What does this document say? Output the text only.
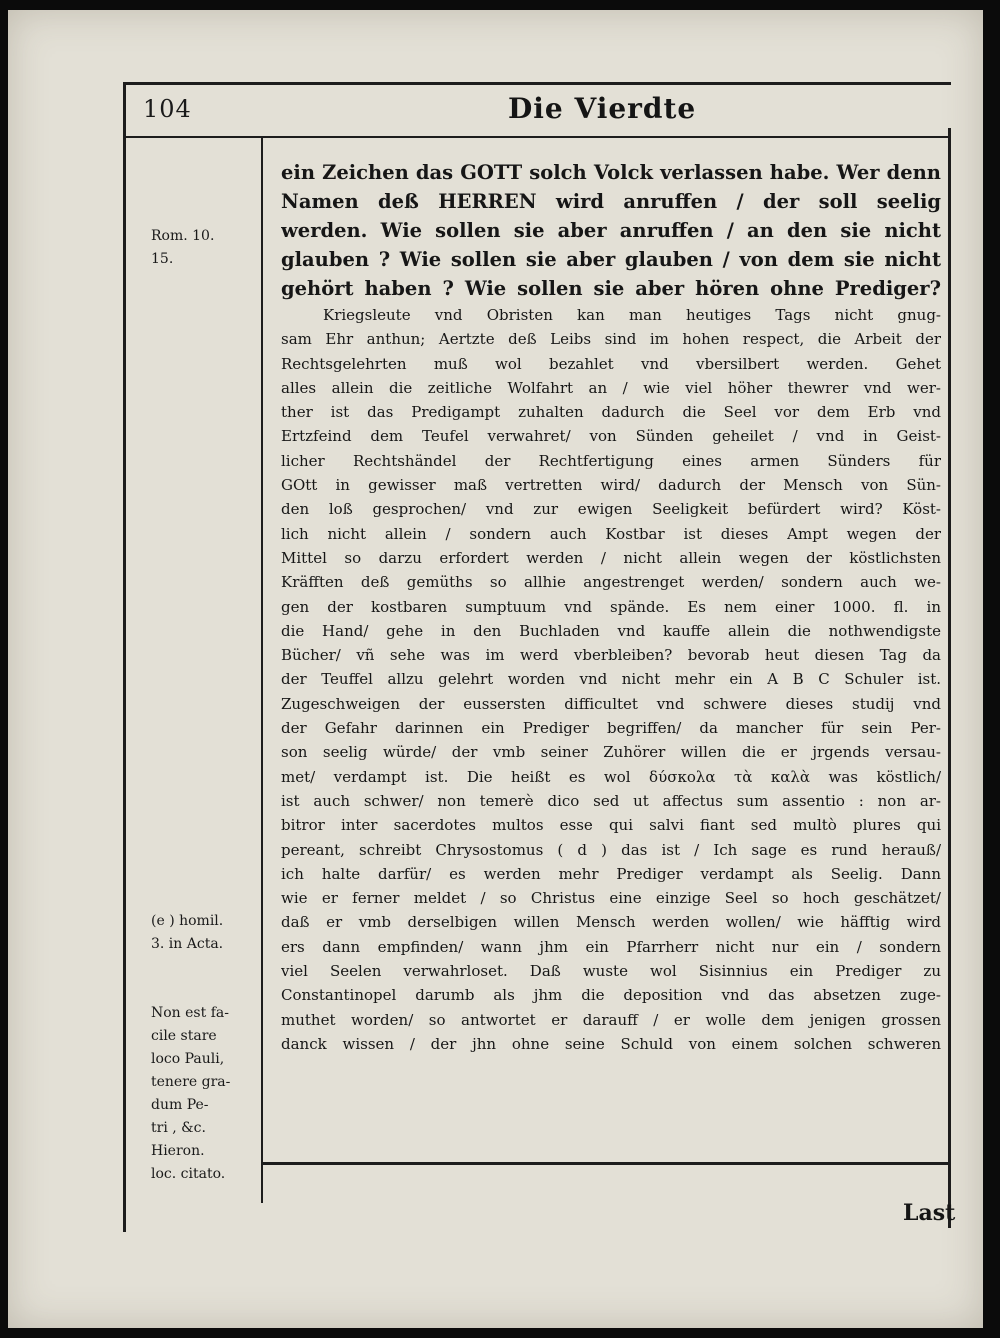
104	Die Vierdte

Rom. 10.
15.

(e ) homil.
3. in Acta.

Non est fa-
cile stare
loco Pauli,
tenere gra-
dum Pe-
tri , &c.
Hieron.
loc. citato.

ein Zeichen das GOTT solch Volck verlassen habe. Wer denn
Namen deß HERREN wird anruffen / der soll seelig
werden. Wie sollen sie aber anruffen / an den sie nicht
glauben ? Wie sollen sie aber glauben / von dem sie nicht
gehört haben ? Wie sollen sie aber hören ohne Prediger?
Kriegsleute vnd Obristen kan man heutiges Tags nicht gnug-
sam Ehr anthun; Aertzte deß Leibs sind im hohen respect, die Arbeit der
Rechtsgelehrten muß wol bezahlet vnd vbersilbert werden. Gehet
alles allein die zeitliche Wolfahrt an / wie viel höher thewrer vnd wer-
ther ist das Predigampt zuhalten dadurch die Seel vor dem Erb vnd
Ertzfeind dem Teufel verwahret/ von Sünden geheilet / vnd in Geist-
licher Rechtshändel der Rechtfertigung eines armen Sünders für
GOtt in gewisser maß vertretten wird/ dadurch der Mensch von Sün-
den loß gesprochen/ vnd zur ewigen Seeligkeit befürdert wird? Köst-
lich nicht allein / sondern auch Kostbar ist dieses Ampt wegen der
Mittel so darzu erfordert werden / nicht allein wegen der köstlichsten
Kräfften deß gemüths so allhie angestrenget werden/ sondern auch we-
gen der kostbaren sumptuum vnd spände. Es nem einer 1000. fl. in
die Hand/ gehe in den Buchladen vnd kauffe allein die nothwendigste
Bücher/ vñ sehe was im werd vberbleiben? bevorab heut diesen Tag da
der Teuffel allzu gelehrt worden vnd nicht mehr ein A B C Schuler ist.
Zugeschweigen der eussersten difficultet vnd schwere dieses studij vnd
der Gefahr darinnen ein Prediger begriffen/ da mancher für sein Per-
son seelig würde/ der vmb seiner Zuhörer willen die er jrgends versau-
met/ verdampt ist. Die heißt es wol δύσκολα τὰ καλὰ was köstlich/
ist auch schwer/ non temerè dico sed ut affectus sum assentio : non ar-
bitror inter sacerdotes multos esse qui salvi fiant sed multò plures qui
pereant, schreibt Chrysostomus ( d ) das ist / Ich sage es rund herauß/
ich halte darfür/ es werden mehr Prediger verdampt als Seelig. Dann
wie er ferner meldet / so Christus eine einzige Seel so hoch geschätzet/
daß er vmb derselbigen willen Mensch werden wollen/ wie häfftig wird
ers dann empfinden/ wann jhm ein Pfarrherr nicht nur ein / sondern
viel Seelen verwahrloset. Daß wuste wol Sisinnius ein Prediger zu
Constantinopel darumb als jhm die deposition vnd das absetzen zuge-
muthet worden/ so antwortet er darauff / er wolle dem jenigen grossen
danck wissen / der jhn ohne seine Schuld von einem solchen schweren
Last
